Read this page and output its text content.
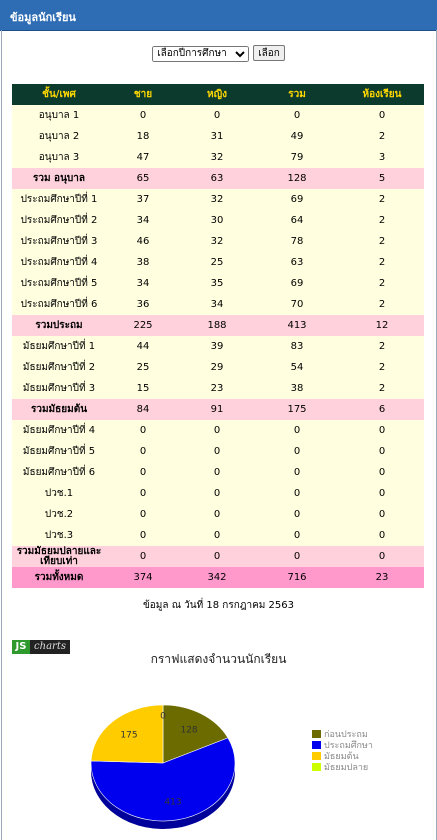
ข้อมูลนักเรียน
เลือกปีการศึกษาเลือก
ชั้น/เพศ	ชาย	หญิง	รวม	ห้องเรียน
อนุบาล 1	0	0	0	0
อนุบาล 2	18	31	49	2
อนุบาล 3	47	32	79	3
รวม อนุบาล	65	63	128	5
ประถมศึกษาปีที่ 1	37	32	69	2
ประถมศึกษาปีที่ 2	34	30	64	2
ประถมศึกษาปีที่ 3	46	32	78	2
ประถมศึกษาปีที่ 4	38	25	63	2
ประถมศึกษาปีที่ 5	34	35	69	2
ประถมศึกษาปีที่ 6	36	34	70	2
รวมประถม	225	188	413	12
มัธยมศึกษาปีที่ 1	44	39	83	2
มัธยมศึกษาปีที่ 2	25	29	54	2
มัธยมศึกษาปีที่ 3	15	23	38	2
รวมมัธยมต้น	84	91	175	6
มัธยมศึกษาปีที่ 4	0	0	0	0
มัธยมศึกษาปีที่ 5	0	0	0	0
มัธยมศึกษาปีที่ 6	0	0	0	0
ปวช.1	0	0	0	0
ปวช.2	0	0	0	0
ปวช.3	0	0	0	0
รวมมัธยมปลายและเทียบเท่า	0	0	0	0
รวมทั้งหมด	374	342	716	23
ข้อมูล ณ วันที่ 18 กรกฎาคม 2563
JS charts
กราฟแสดงจำนวนนักเรียน
128
413
175
0
ก่อนประถม
ประถมศึกษา
มัธยมต้น
มัธยมปลาย
